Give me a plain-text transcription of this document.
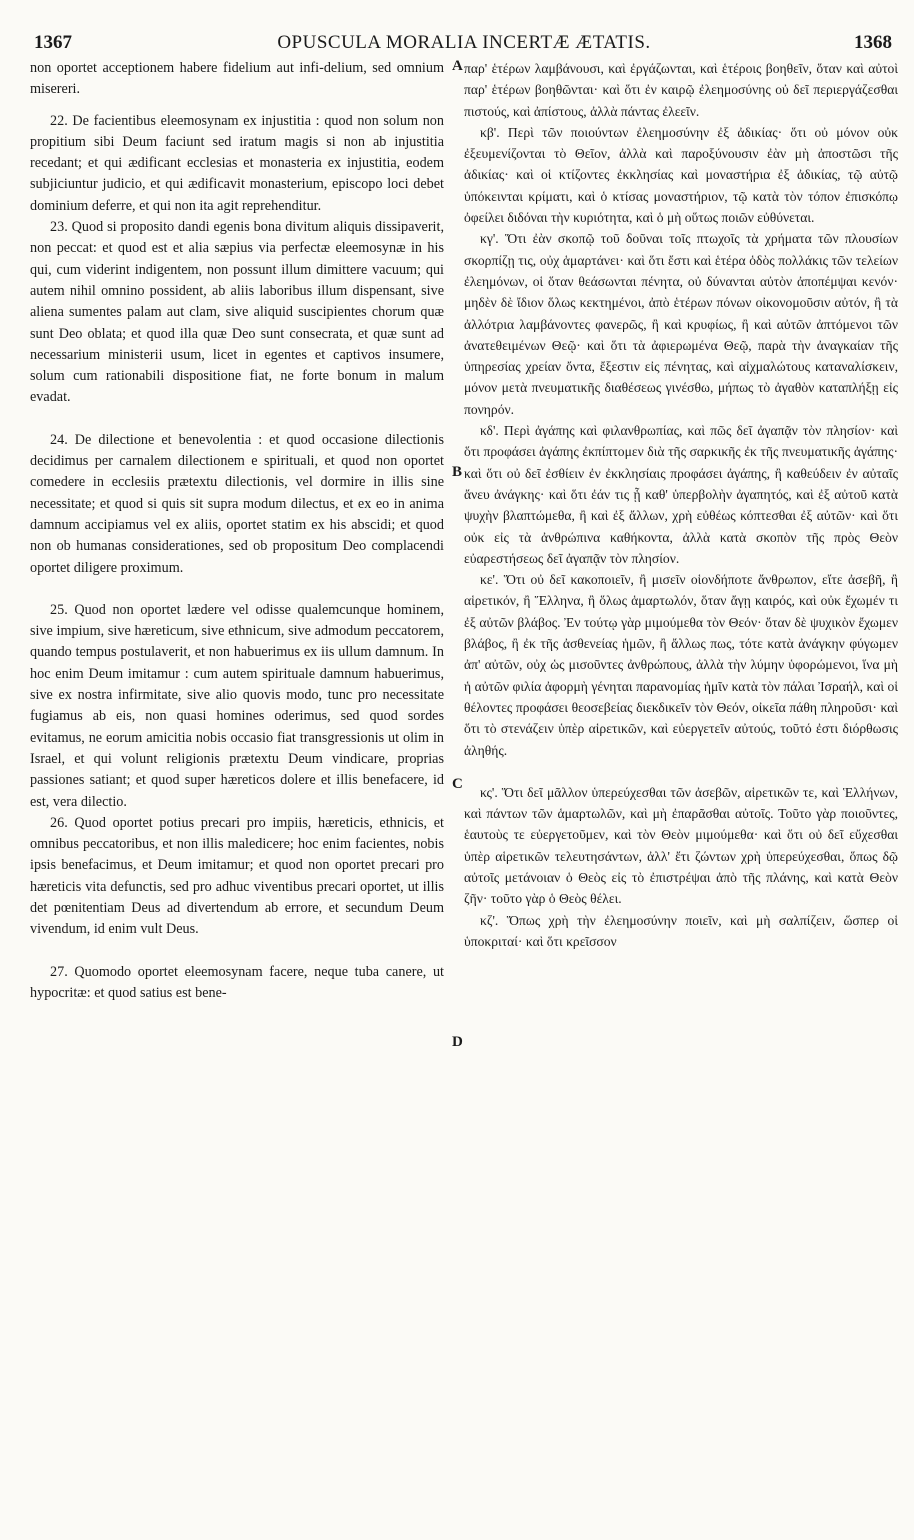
1367	OPUSCULA MORALIA INCERTÆ ÆTATIS.	1368

non oportet acceptionem habere fidelium aut infi-delium, sed omnium misereri.

22. De facientibus eleemosynam ex injustitia : quod non solum non propitium sibi Deum faciunt sed iratum magis si non ab injustitia recedant; et qui ædificant ecclesias et monasteria ex injustitia, eodem subjiciuntur judicio, et qui ædificavit monasterium, episcopo loci debet dominium deferre, et qui non ita agit reprehenditur.

23. Quod si proposito dandi egenis bona divitum aliquis dissipaverit, non peccat: et quod est et alia sæpius via perfectæ eleemosynæ in his qui, cum viderint indigentem, non possunt illum dimittere vacuum; qui autem nihil omnino possident, ab aliis laboribus illum dispensant, sive aliena sumentes palam aut clam, sive aliquid suscipientes chorum quæ sunt Deo oblata; et quod illa quæ Deo sunt consecrata, et quæ sunt ad necessarium ministerii usum, licet in egentes et captivos insumere, solum cum rationabili dispositione fiat, ne forte bonum in malum evadat.

24. De dilectione et benevolentia : et quod occasione dilectionis decidimus per carnalem dilectionem e spirituali, et quod non oportet comedere in ecclesiis prætextu dilectionis, vel dormire in illis sine necessitate; et quod si quis sit supra modum dilectus, et ex eo in anima damnum accipiamus vel ex aliis, oportet statim ex his abscidi; et quod non ob humanas considerationes, sed ob propositum Deo complacendi oportet diligere proximum.

25. Quod non oportet lædere vel odisse qualemcunque hominem, sive impium, sive hæreticum, sive ethnicum, sive admodum peccatorem, quando tempus postulaverit, et non habuerimus ex iis ullum damnum. In hoc enim Deum imitamur : cum autem spirituale damnum habuerimus, sive ex nostra infirmitate, sive alio quovis modo, tunc pro necessitate fugiamus ab eis, non quasi homines oderimus, sed quod sordes evitamus, ne eorum amicitia nobis occasio fiat transgressionis ut olim in Israel, et qui volunt religionis prætextu Deum vindicare, proprias passiones satiant; et quod super hæreticos dolere et illis benefacere, id est, vera dilectio.

26. Quod oportet potius precari pro impiis, hæreticis, ethnicis, et omnibus peccatoribus, et non illis maledicere; hoc enim facientes, nobis ipsis benefacimus, et Deum imitamur; et quod non oportet precari pro hæreticis vita defunctis, sed pro adhuc viventibus precari oportet, ut illis det pœnitentiam Deus ad divertendum ab errore, et secundum Deum vivendum, id enim vult Deus.

27. Quomodo oportet eleemosynam facere, neque tuba canere, ut hypocritæ: et quod satius est bene-

A
B
C
D

παρ' ἑτέρων λαμβάνουσι, καὶ ἐργάζωνται, καὶ ἑτέροις βοηθεῖν, ὅταν καὶ αὐτοὶ παρ' ἑτέρων βοηθῶνται· καὶ ὅτι ἐν καιρῷ ἐλεημοσύνης οὐ δεῖ περιεργάζεσθαι πιστούς, καὶ ἀπίστους, ἀλλὰ πάντας ἐλεεῖν.

κβ'. Περὶ τῶν ποιούντων ἐλεημοσύνην ἐξ ἀδικίας· ὅτι οὐ μόνον οὐκ ἐξευμενίζονται τὸ Θεῖον, ἀλλὰ καὶ παροξύνουσιν ἐὰν μὴ ἀποστῶσι τῆς ἀδικίας· καὶ οἱ κτίζοντες ἐκκλησίας καὶ μοναστήρια ἐξ ἀδικίας, τῷ αὐτῷ ὑπόκεινται κρίματι, καὶ ὁ κτίσας μοναστήριον, τῷ κατὰ τὸν τόπον ἐπισκόπῳ ὀφείλει διδόναι τὴν κυριότητα, καὶ ὁ μὴ οὕτως ποιῶν εὐθύνεται.

κγ'. Ὅτι ἐὰν σκοπῷ τοῦ δοῦναι τοῖς πτωχοῖς τὰ χρήματα τῶν πλουσίων σκορπίζῃ τις, οὐχ ἁμαρτάνει· καὶ ὅτι ἔστι καὶ ἑτέρα ὁδὸς πολλάκις τῶν τελείων ἐλεημόνων, οἱ ὅταν θεάσωνται πένητα, οὐ δύνανται αὐτὸν ἀποπέμψαι κενόν· μηδὲν δὲ ἴδιον ὅλως κεκτημένοι, ἀπὸ ἑτέρων πόνων οἰκονομοῦσιν αὐτόν, ἢ τὰ ἀλλότρια λαμβάνοντες φανερῶς, ἢ καὶ κρυφίως, ἢ καὶ αὐτῶν ἀπτόμενοι τῶν ἀνατεθειμένων Θεῷ· καὶ ὅτι τὰ ἀφιερωμένα Θεῷ, παρὰ τὴν ἀναγκαίαν τῆς ὑπηρεσίας χρείαν ὄντα, ἔξεστιν εἰς πένητας, καὶ αἰχμαλώτους καταναλίσκειν, μόνον μετὰ πνευματικῆς διαθέσεως γινέσθω, μήπως τὸ ἀγαθὸν καταπλήξῃ εἰς πονηρόν.

κδ'. Περὶ ἀγάπης καὶ φιλανθρωπίας, καὶ πῶς δεῖ ἀγαπᾷν τὸν πλησίον· καὶ ὅτι προφάσει ἀγάπης ἐκπίπτομεν διὰ τῆς σαρκικῆς ἐκ τῆς πνευματικῆς ἀγάπης· καὶ ὅτι οὐ δεῖ ἐσθίειν ἐν ἐκκλησίαις προφάσει ἀγάπης, ἢ καθεύδειν ἐν αὐταῖς ἄνευ ἀνάγκης· καὶ ὅτι ἐάν τις ᾖ καθ' ὑπερβολὴν ἀγαπητός, καὶ ἐξ αὐτοῦ κατὰ ψυχὴν βλαπτώμεθα, ἢ καὶ ἐξ ἄλλων, χρὴ εὐθέως κόπτεσθαι ἐξ αὐτῶν· καὶ ὅτι οὐκ εἰς τὰ ἀνθρώπινα καθήκοντα, ἀλλὰ κατὰ σκοπὸν τῆς πρὸς Θεὸν εὐαρεστήσεως δεῖ ἀγαπᾷν τὸν πλησίον.

κε'. Ὅτι οὐ δεῖ κακοποιεῖν, ἢ μισεῖν οἱονδήποτε ἄνθρωπον, εἴτε ἀσεβῆ, ἢ αἱρετικόν, ἢ Ἕλληνα, ἢ ὅλως ἁμαρτωλόν, ὅταν ἄγῃ καιρός, καὶ οὐκ ἔχωμέν τι ἐξ αὐτῶν βλάβος. Ἐν τούτῳ γὰρ μιμούμεθα τὸν Θεόν· ὅταν δὲ ψυχικὸν ἔχωμεν βλάβος, ἢ ἐκ τῆς ἀσθενείας ἡμῶν, ἢ ἄλλως πως, τότε κατὰ ἀνάγκην φύγωμεν ἀπ' αὐτῶν, οὐχ ὡς μισοῦντες ἀνθρώπους, ἀλλὰ τὴν λύμην ὑφορώμενοι, ἵνα μὴ ἡ αὐτῶν φιλία ἀφορμὴ γένηται παρανομίας ἡμῖν κατὰ τὸν πάλαι Ἰσραήλ, καὶ οἱ θέλοντες προφάσει θεοσεβείας διεκδικεῖν τὸν Θεόν, οἰκεῖα πάθη πληροῦσι· καὶ ὅτι τὸ στενάζειν ὑπὲρ αἱρετικῶν, καὶ εὐεργετεῖν αὐτούς, τοῦτό ἐστι διόρθωσις ἀληθής.

κς'. Ὅτι δεῖ μᾶλλον ὑπερεύχεσθαι τῶν ἀσεβῶν, αἱρετικῶν τε, καὶ Ἑλλήνων, καὶ πάντων τῶν ἁμαρτωλῶν, καὶ μὴ ἐπαρᾶσθαι αὐτοῖς. Τοῦτο γὰρ ποιοῦντες, ἑαυτοὺς τε εὐεργετοῦμεν, καὶ τὸν Θεὸν μιμούμεθα· καὶ ὅτι οὐ δεῖ εὔχεσθαι ὑπὲρ αἱρετικῶν τελευτησάντων, ἀλλ' ἔτι ζώντων χρὴ ὑπερεύχεσθαι, ὅπως δῷ αὐτοῖς μετάνοιαν ὁ Θεὸς εἰς τὸ ἐπιστρέψαι ἀπὸ τῆς πλάνης, καὶ κατὰ Θεὸν ζῆν· τοῦτο γὰρ ὁ Θεὸς θέλει.

κζ'. Ὅπως χρὴ τὴν ἐλεημοσύνην ποιεῖν, καὶ μὴ σαλπίζειν, ὥσπερ οἱ ὑποκριταί· καὶ ὅτι κρεῖσσον
